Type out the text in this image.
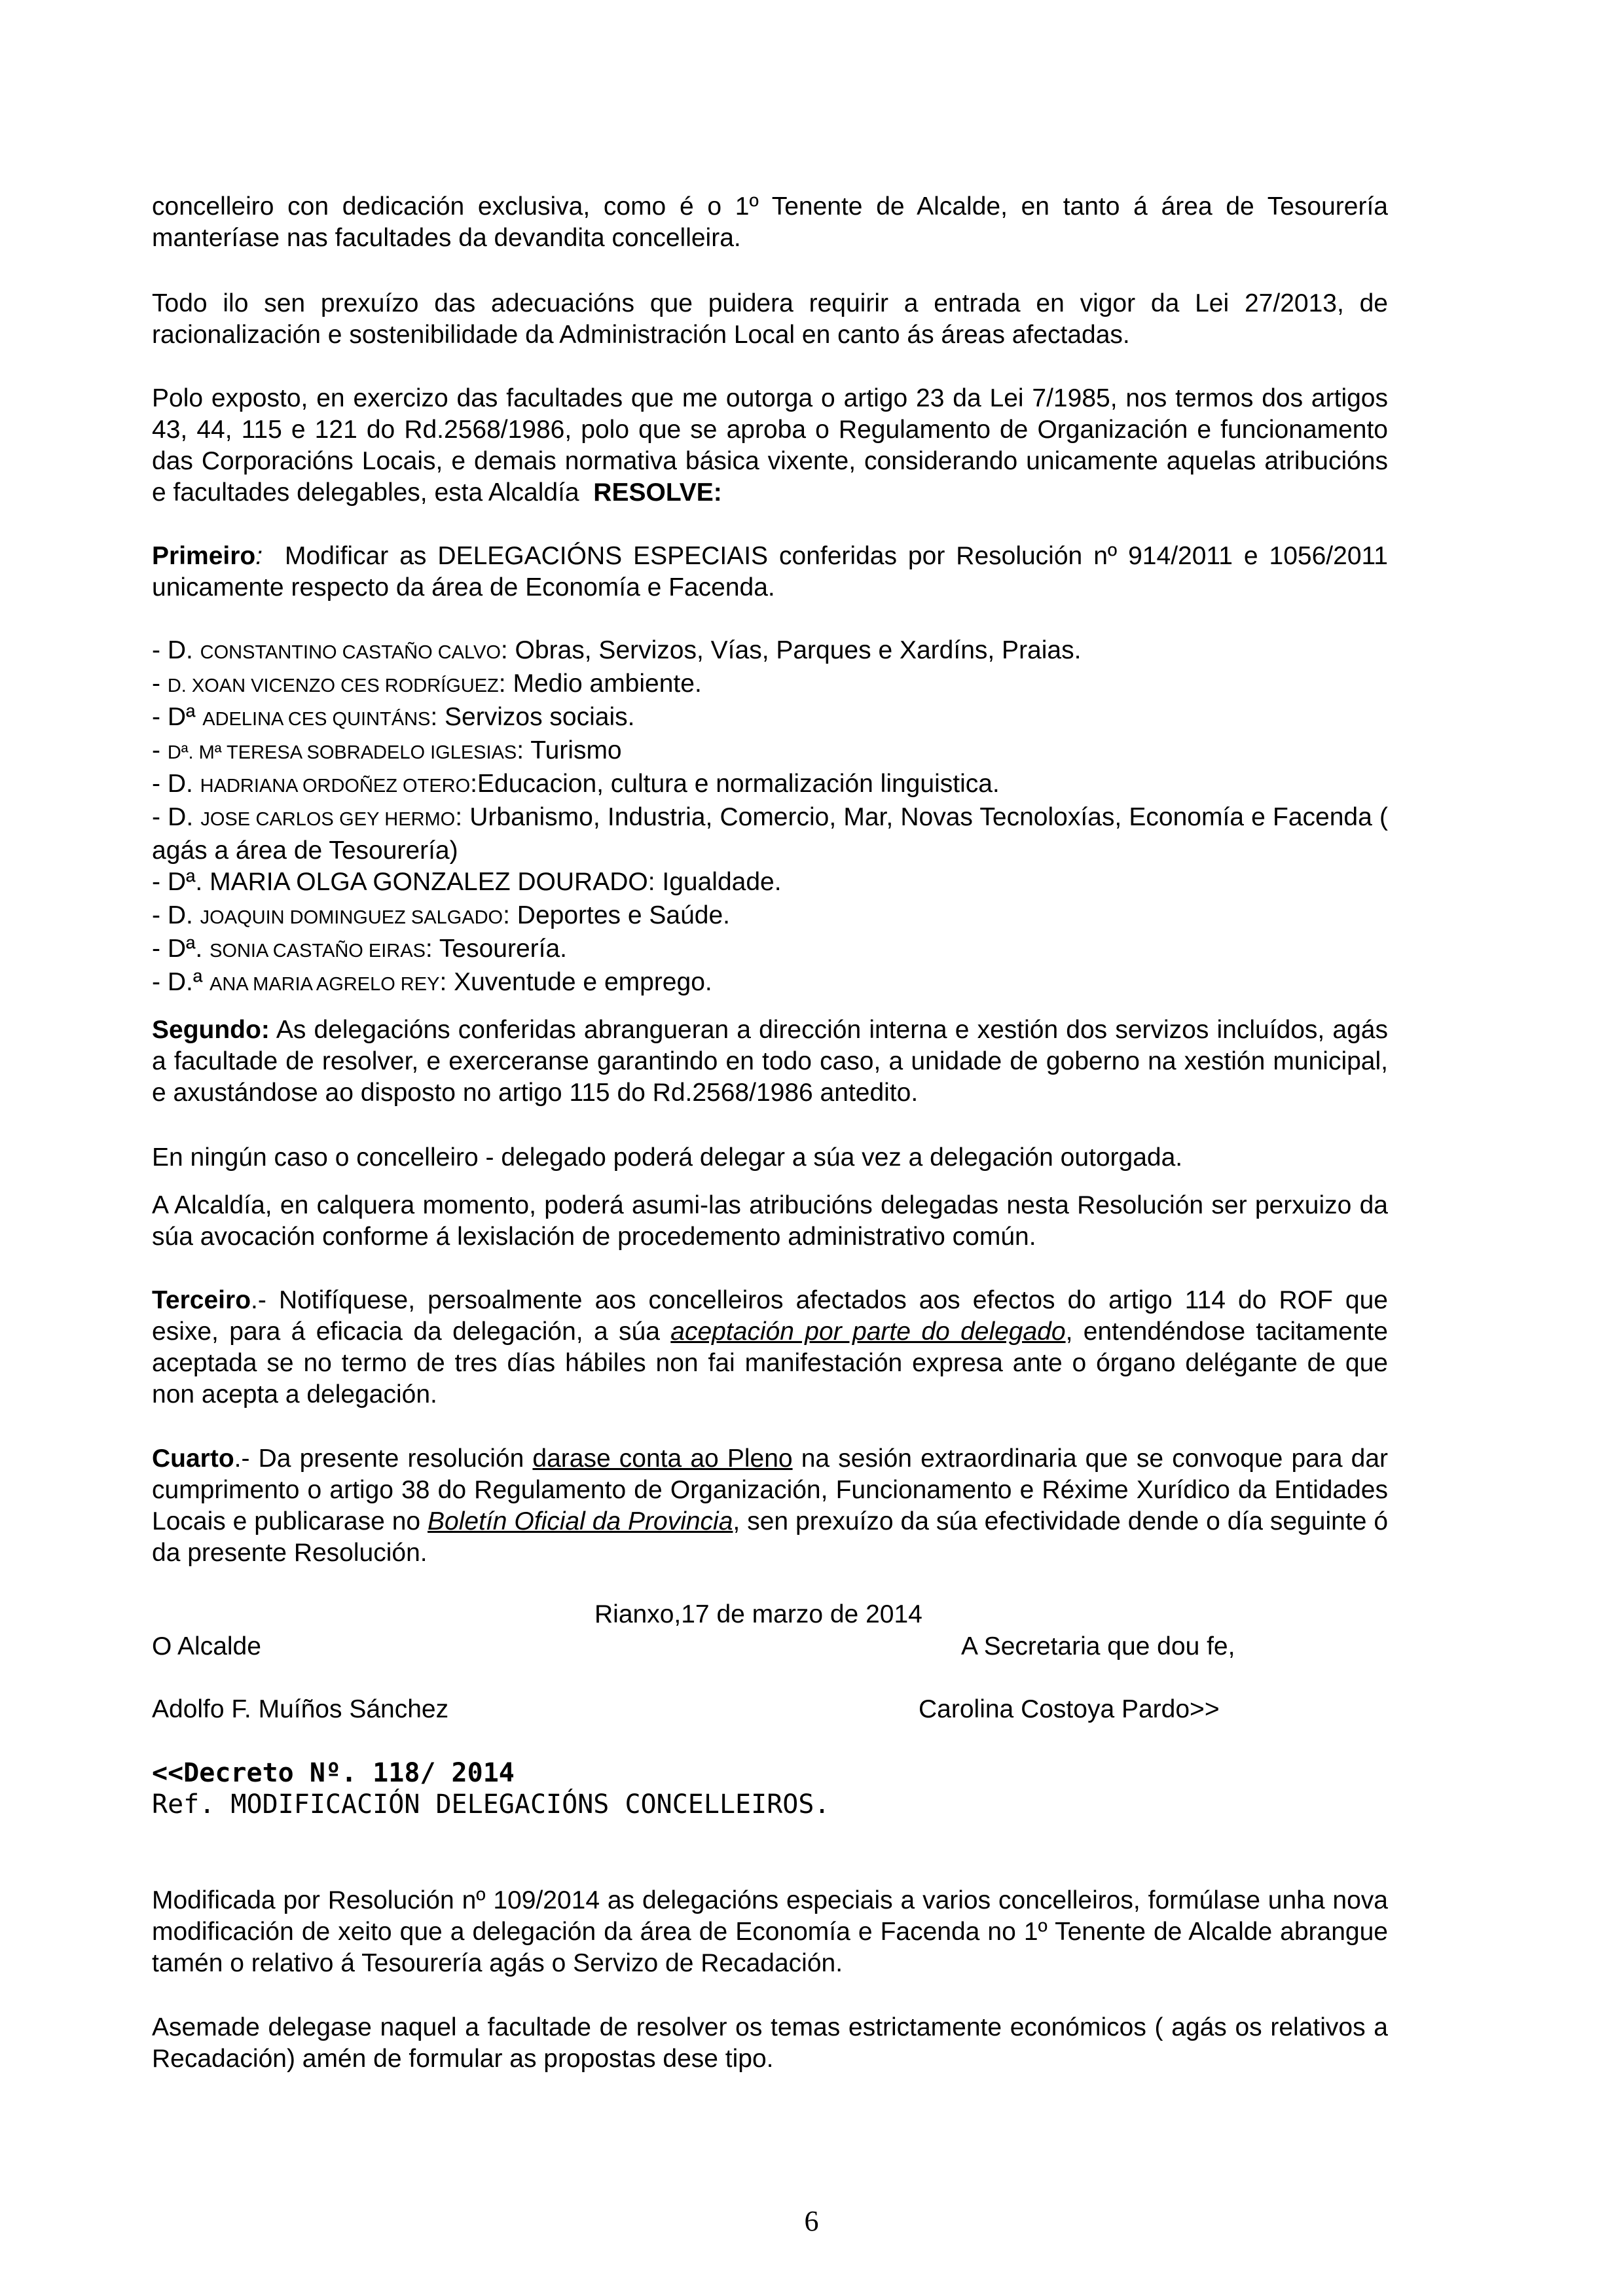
concelleiro con dedicación exclusiva, como é o 1º Tenente de Alcalde, en tanto á área de Tesourería manteríase nas facultades da devandita concelleira.

Todo ilo sen prexuízo das adecuacións que puidera requirir a entrada en vigor da Lei 27/2013, de racionalización e sostenibilidade da Administración Local en canto ás áreas afectadas.

Polo exposto, en exercizo das facultades que me outorga o artigo 23 da Lei 7/1985, nos termos dos artigos 43, 44, 115 e 121 do Rd.2568/1986, polo que se aproba o Regulamento de Organización e funcionamento das Corporacións Locais, e demais normativa básica vixente, considerando unicamente aquelas atribucións e facultades delegables, esta Alcaldía RESOLVE:

Primeiro: Modificar as DELEGACIÓNS ESPECIAIS conferidas por Resolución nº 914/2011 e 1056/2011 unicamente respecto da área de Economía e Facenda.

- D. CONSTANTINO CASTAÑO CALVO: Obras, Servizos, Vías, Parques e Xardíns, Praias.

- D. XOAN VICENZO CES RODRÍGUEZ: Medio ambiente.

- Dª ADELINA CES QUINTÁNS: Servizos sociais.

- Dª. Mª TERESA SOBRADELO IGLESIAS: Turismo

- D. HADRIANA ORDOÑEZ OTERO:Educacion, cultura e normalización linguistica.

- D. JOSE CARLOS GEY HERMO: Urbanismo, Industria, Comercio, Mar, Novas Tecnoloxías, Economía e Facenda ( agás a área de Tesourería)

- Dª. MARIA OLGA GONZALEZ DOURADO: Igualdade.

- D. JOAQUIN DOMINGUEZ SALGADO: Deportes e Saúde.

- Dª. SONIA CASTAÑO EIRAS: Tesourería.

- D.ª ANA MARIA AGRELO REY: Xuventude e emprego.

Segundo: As delegacións conferidas abrangueran a dirección interna e xestión dos servizos incluídos, agás a facultade de resolver, e exerceranse garantindo en todo caso, a unidade de goberno na xestión municipal, e axustándose ao disposto no artigo 115 do Rd.2568/1986 antedito.

En ningún caso o concelleiro - delegado poderá delegar a súa vez a delegación outorgada.

A Alcaldía, en calquera momento, poderá asumi-las atribucións delegadas nesta Resolución ser perxuizo da súa avocación conforme á lexislación de procedemento administrativo común.

Terceiro.- Notifíquese, persoalmente aos concelleiros afectados aos efectos do artigo 114 do ROF que esixe, para á eficacia da delegación, a súa aceptación por parte do delegado, entendéndose tacitamente aceptada se no termo de tres días hábiles non fai manifestación expresa ante o órgano delégante de que non acepta a delegación.

Cuarto.- Da presente resolución darase conta ao Pleno na sesión extraordinaria que se convoque para dar cumprimento o artigo 38 do Regulamento de Organización, Funcionamento e Réxime Xurídico da Entidades Locais e publicarase no Boletín Oficial da Provincia, sen prexuízo da súa efectividade dende o día seguinte ó da presente Resolución.

Rianxo,17 de marzo de 2014

O Alcalde	A Secretaria que dou fe,

Adolfo F. Muíños Sánchez	Carolina Costoya Pardo>>

<<Decreto Nº. 118/ 2014

Ref. MODIFICACIÓN DELEGACIÓNS CONCELLEIROS.

Modificada por Resolución nº 109/2014 as delegacións especiais a varios concelleiros, formúlase unha nova modificación de xeito que a delegación da área de Economía e Facenda no 1º Tenente de Alcalde abrangue tamén o relativo á Tesourería agás o Servizo de Recadación.

Asemade delegase naquel a facultade de resolver os temas estrictamente económicos ( agás os relativos a Recadación) amén de formular as propostas dese tipo.

6
